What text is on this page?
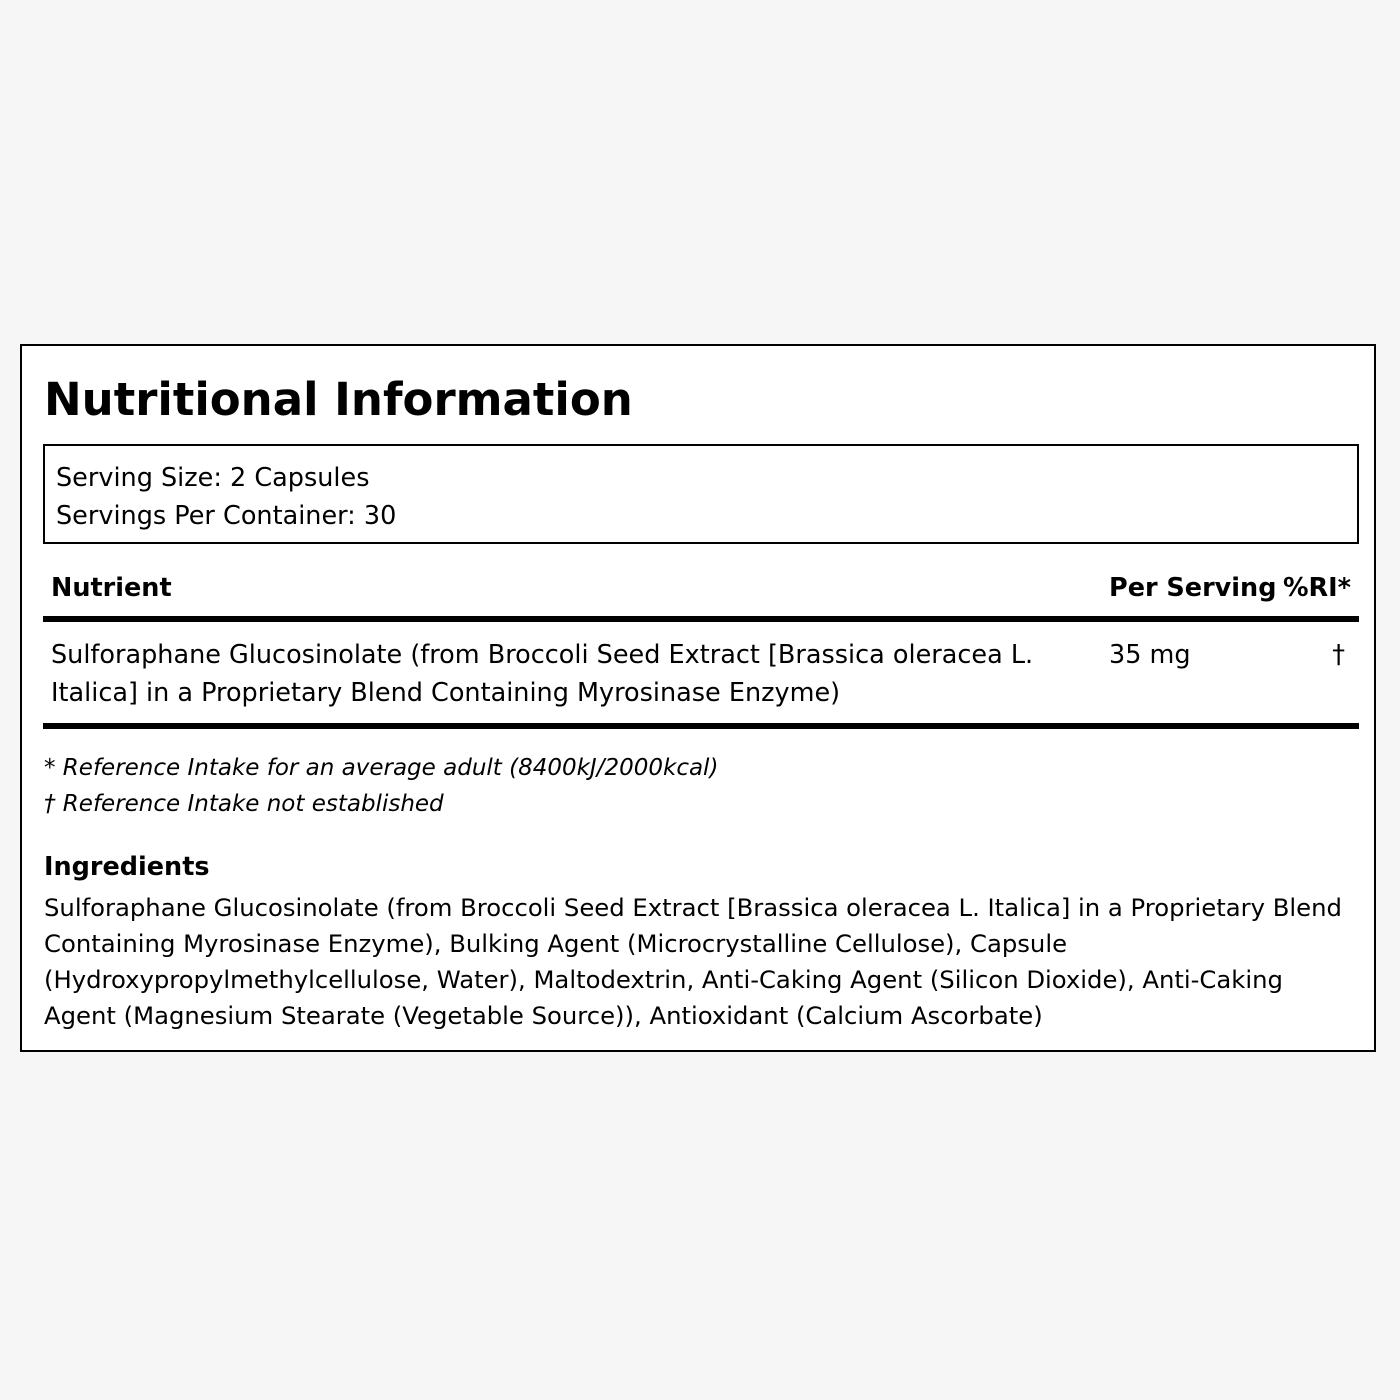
Nutritional Information
Serving Size: 2 Capsules
Servings Per Container: 30
Nutrient	Per Serving %RI*
Sulforaphane Glucosinolate (from Broccoli Seed Extract [Brassica oleracea L. Italica] in a Proprietary Blend Containing Myrosinase Enzyme)
35 mg	†
* Reference Intake for an average adult (8400kJ/2000kcal)
† Reference Intake not established
Ingredients

Sulforaphane Glucosinolate (from Broccoli Seed Extract [Brassica oleracea L. Italica] in a Proprietary Blend Containing Myrosinase Enzyme), Bulking Agent (Microcrystalline Cellulose), Capsule (Hydroxypropylmethylcellulose, Water), Maltodextrin, Anti-Caking Agent (Silicon Dioxide), Anti-Caking Agent (Magnesium Stearate (Vegetable Source)), Antioxidant (Calcium Ascorbate)
